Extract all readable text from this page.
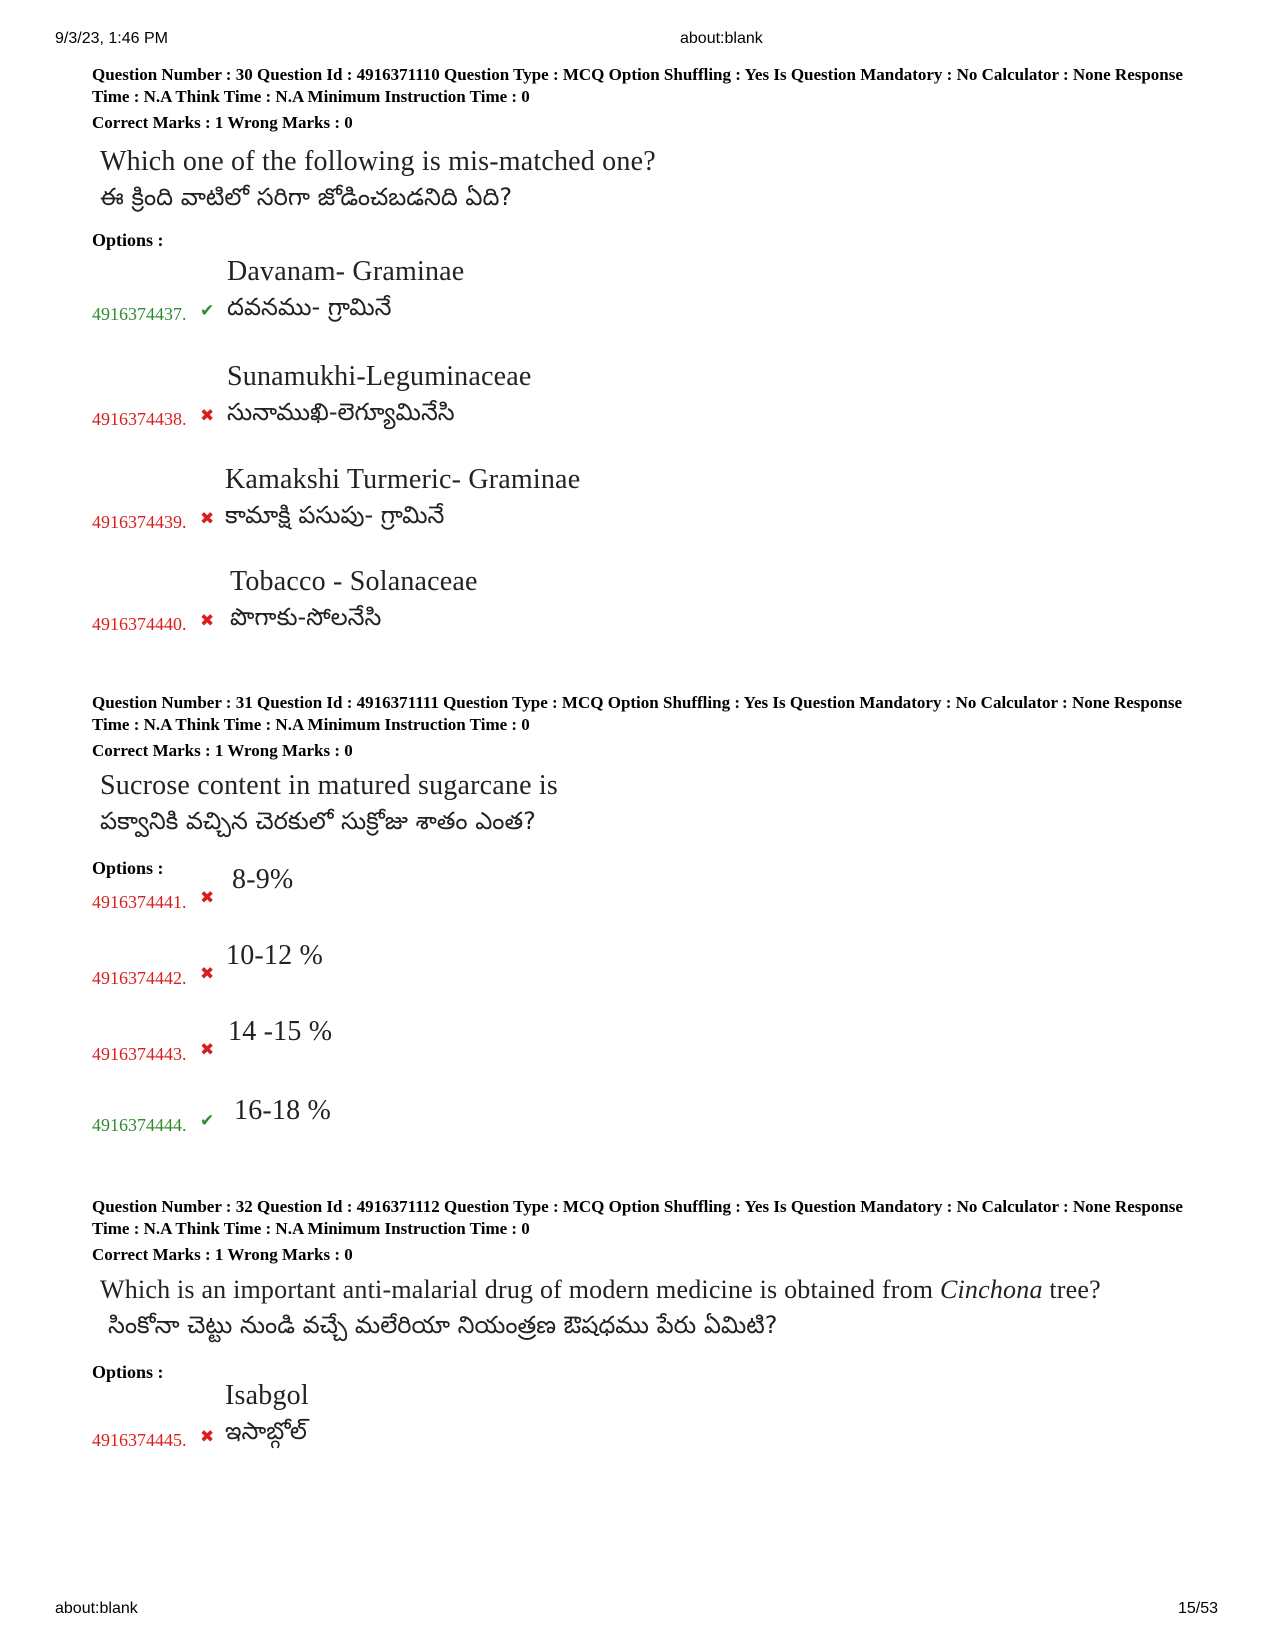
9/3/23, 1:46 PM	about:blank
Question Number : 30 Question Id : 4916371110 Question Type : MCQ Option Shuffling : Yes Is Question Mandatory : No Calculator : None Response Time : N.A Think Time : N.A Minimum Instruction Time : 0
Correct Marks : 1 Wrong Marks : 0
Which one of the following is mis-matched one?
ఈ క్రింది వాటిలో సరిగా జోడించబడనిది ఏది?
Options :
4916374437. ✔
Davanam- Graminae
దవనము- గ్రామినే
4916374438. ✖
Sunamukhi-Leguminaceae
సునాముఖి-లెగ్యూమినేసి
4916374439. ✖
Kamakshi Turmeric- Graminae
కామాక్షి పసుపు- గ్రామినే
4916374440. ✖
Tobacco - Solanaceae
పొగాకు-సోలనేసి
Question Number : 31 Question Id : 4916371111 Question Type : MCQ Option Shuffling : Yes Is Question Mandatory : No Calculator : None Response Time : N.A Think Time : N.A Minimum Instruction Time : 0
Correct Marks : 1 Wrong Marks : 0
Sucrose content in matured sugarcane is
పక్వానికి వచ్చిన చెరకులో సుక్రోజు శాతం ఎంత?
Options :
4916374441. ✖
8-9%
4916374442. ✖
10-12 %
4916374443. ✖
14 -15 %
4916374444. ✔ 16-18 %
Question Number : 32 Question Id : 4916371112 Question Type : MCQ Option Shuffling : Yes Is Question Mandatory : No Calculator : None Response Time : N.A Think Time : N.A Minimum Instruction Time : 0
Correct Marks : 1 Wrong Marks : 0
Which is an important anti-malarial drug of modern medicine is obtained from Cinchona tree?
సింకోనా చెట్టు నుండి వచ్చే మలేరియా నియంత్రణ ఔషధము పేరు ఏమిటి?
Options :
4916374445. ✖
Isabgol
ఇసాబ్గోల్
about:blank	15/53
